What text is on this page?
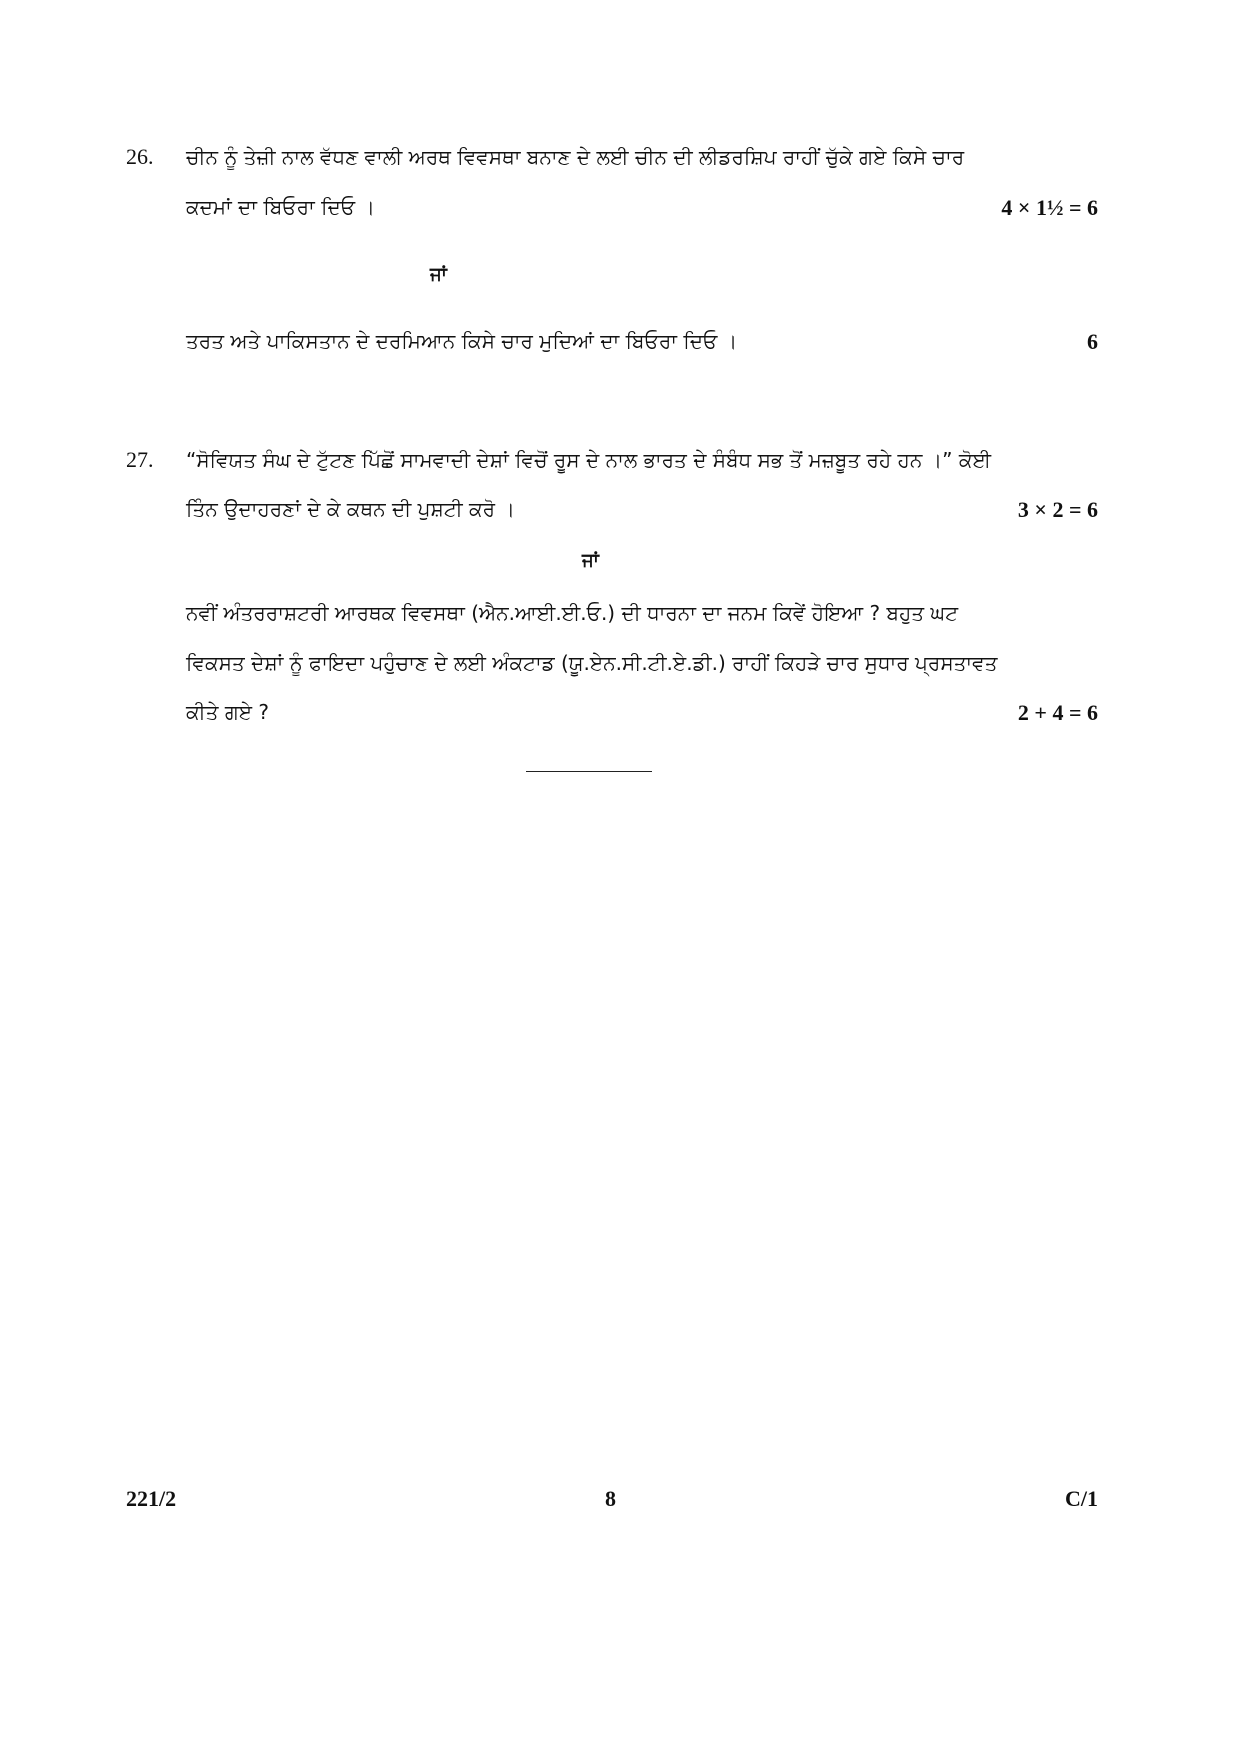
26. ਚੀਨ ਨੂੰ ਤੇਜ਼ੀ ਨਾਲ ਵੱਧਣ ਵਾਲੀ ਅਰਥ ਵਿਵਸਥਾ ਬਨਾਣ ਦੇ ਲਈ ਚੀਨ ਦੀ ਲੀਡਰਸ਼ਿਪ ਰਾਹੀਂ ਚੁੱਕੇ ਗਏ ਕਿਸੇ ਚਾਰ
ਕਦਮਾਂ ਦਾ ਬਿਓਰਾ ਦਿਓ ।	4 × 1½ = 6
ਜਾਂ
ਤਰਤ ਅਤੇ ਪਾਕਿਸਤਾਨ ਦੇ ਦਰਮਿਆਨ ਕਿਸੇ ਚਾਰ ਮੁਦਿਆਂ ਦਾ ਬਿਓਰਾ ਦਿਓ ।	6
27. “ਸੋਵਿਯਤ ਸੰਘ ਦੇ ਟੁੱਟਣ ਪਿੱਛੋਂ ਸਾਮਵਾਦੀ ਦੇਸ਼ਾਂ ਵਿਚੋਂ ਰੂਸ ਦੇ ਨਾਲ ਭਾਰਤ ਦੇ ਸੰਬੰਧ ਸਭ ਤੋਂ ਮਜ਼ਬੂਤ ਰਹੇ ਹਨ ।” ਕੋਈ
ਤਿੰਨ ਉਦਾਹਰਣਾਂ ਦੇ ਕੇ ਕਥਨ ਦੀ ਪੁਸ਼ਟੀ ਕਰੋ ।	3 × 2 = 6
ਜਾਂ
ਨਵੀਂ ਅੰਤਰਰਾਸ਼ਟਰੀ ਆਰਥਕ ਵਿਵਸਥਾ (ਐਨ.ਆਈ.ਈ.ਓ.) ਦੀ ਧਾਰਨਾ ਦਾ ਜਨਮ ਕਿਵੇਂ ਹੋਇਆ ? ਬਹੁਤ ਘਟ
ਵਿਕਸਤ ਦੇਸ਼ਾਂ ਨੂੰ ਫਾਇਦਾ ਪਹੁੰਚਾਣ ਦੇ ਲਈ ਅੰਕਟਾਡ (ਯੂ.ਏਨ.ਸੀ.ਟੀ.ਏ.ਡੀ.) ਰਾਹੀਂ ਕਿਹੜੇ ਚਾਰ ਸੁਧਾਰ ਪ੍ਰਸਤਾਵਤ
ਕੀਤੇ ਗਏ ?	2 + 4 = 6
221/2	8	C/1
